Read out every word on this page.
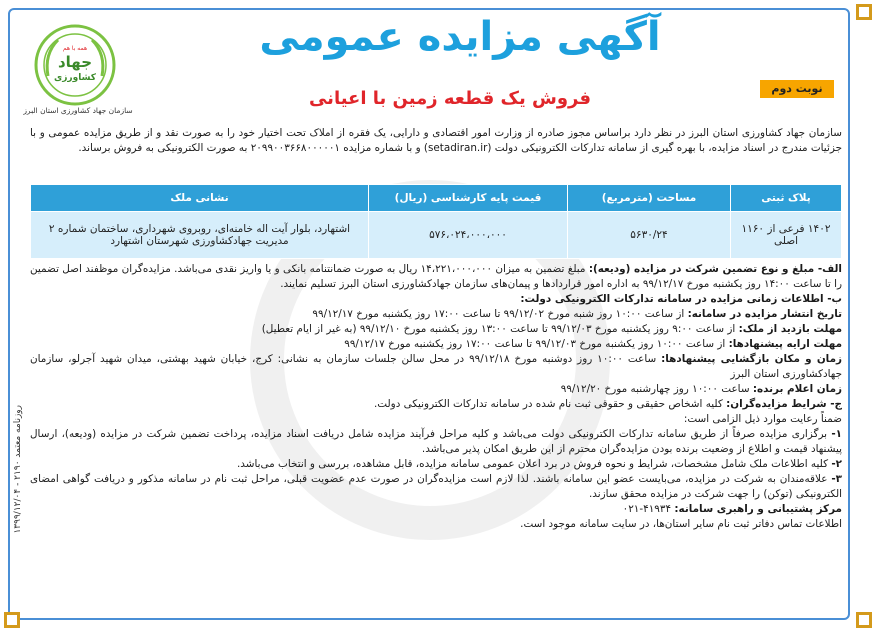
همه با هم
جهاد
کشاورزی
سازمان جهاد کشاورزی استان البرز
آگهی مزایده عمومی
نوبت دوم
فروش یک قطعه زمین با اعیانی
سازمان جهاد کشاورزی استان البرز در نظر دارد براساس مجوز صادره از وزارت امور اقتصادی و دارایی، یک فقره از املاک تحت اختیار خود را به صورت نقد و از طریق مزایده عمومی و با جزئیات مندرج در اسناد مزایده، با بهره گیری از سامانه تدارکات الکترونیکی دولت (setadiran.ir) و با شماره مزایده ۲۰۹۹۰۰۳۶۶۸۰۰۰۰۰۱ به صورت الکترونیکی به فروش برساند.
پلاک ثبتی	مساحت (مترمربع)	قیمت پایه کارشناسی (ریال)	نشانی ملک
۱۴۰۲ فرعی از ۱۱۶۰ اصلی	۵۶۳۰/۲۴	۵۷۶،۰۲۴،۰۰۰،۰۰۰	اشتهارد، بلوار آیت اله خامنه‌ای، روبروی شهرداری، ساختمان شماره ۲ مدیریت جهادکشاورزی شهرستان اشتهارد

الف- مبلغ و نوع تضمین شرکت در مزایده (ودیعه): مبلغ تضمین به میزان ۱۴،۲۲۱،۰۰۰،۰۰۰ ریال به صورت ضمانتنامه بانکی و یا واریز نقدی می‌باشد. مزایده‌گران موظفند اصل تضمین را تا ساعت ۱۴:۰۰ روز یکشنبه مورخ ۹۹/۱۲/۱۷ به اداره امور قراردادها و پیمان‌های سازمان جهادکشاورزی استان البرز تسلیم نمایند.

ب- اطلاعات زمانی مزایده در سامانه تدارکات الکترونیکی دولت:

تاریخ انتشار مزایده در سامانه: از ساعت ۱۰:۰۰ روز شنبه مورخ ۹۹/۱۲/۰۲ تا ساعت ۱۷:۰۰ روز یکشنبه مورخ ۹۹/۱۲/۱۷

مهلت بازدید از ملک: از ساعت ۹:۰۰ روز یکشنبه مورخ ۹۹/۱۲/۰۳ تا ساعت ۱۳:۰۰ روز یکشنبه مورخ ۹۹/۱۲/۱۰ (به غیر از ایام تعطیل)

مهلت ارایه پیشنهادها: از ساعت ۱۰:۰۰ روز یکشنبه مورخ ۹۹/۱۲/۰۳ تا ساعت ۱۷:۰۰ روز یکشنبه مورخ ۹۹/۱۲/۱۷

زمان و مکان بازگشایی پیشنهادها: ساعت ۱۰:۰۰ روز دوشنبه مورخ ۹۹/۱۲/۱۸ در محل سالن جلسات سازمان به نشانی: کرج، خیابان شهید بهشتی، میدان شهید آجرلو، سازمان جهادکشاورزی استان البرز

زمان اعلام برنده: ساعت ۱۰:۰۰ روز چهارشنبه مورخ ۹۹/۱۲/۲۰

ج- شرایط مزایده‌گران: کلیه اشخاص حقیقی و حقوقی ثبت نام شده در سامانه تدارکات الکترونیکی دولت.

ضمناً رعایت موارد ذیل الزامی است:

۱- برگزاری مزایده صرفاً از طریق سامانه تدارکات الکترونیکی دولت می‌باشد و کلیه مراحل فرآیند مزایده شامل دریافت اسناد مزایده، پرداخت تضمین شرکت در مزایده (ودیعه)، ارسال پیشنهاد قیمت و اطلاع از وضعیت برنده بودن مزایده‌گران محترم از این طریق امکان پذیر می‌باشد.

۲- کلیه اطلاعات ملک شامل مشخصات، شرایط و نحوه فروش در برد اعلان عمومی سامانه مزایده، قابل مشاهده، بررسی و انتخاب می‌باشد.

۳- علاقه‌مندان به شرکت در مزایده، می‌بایست عضو این سامانه باشند. لذا لازم است مزایده‌گران در صورت عدم عضویت قبلی، مراحل ثبت نام در سامانه مذکور و دریافت گواهی امضای الکترونیکی (توکن) را جهت شرکت در مزایده محقق سازند.

مرکز پشتیبانی و راهبری سامانه: ۴۱۹۳۴-۰۲۱

اطلاعات تماس دفاتر ثبت نام سایر استان‌ها، در سایت سامانه موجود است.

روزنامه معتمد ۲۱۹۰ - ۱۳۹۹/۱۲/۰۴
